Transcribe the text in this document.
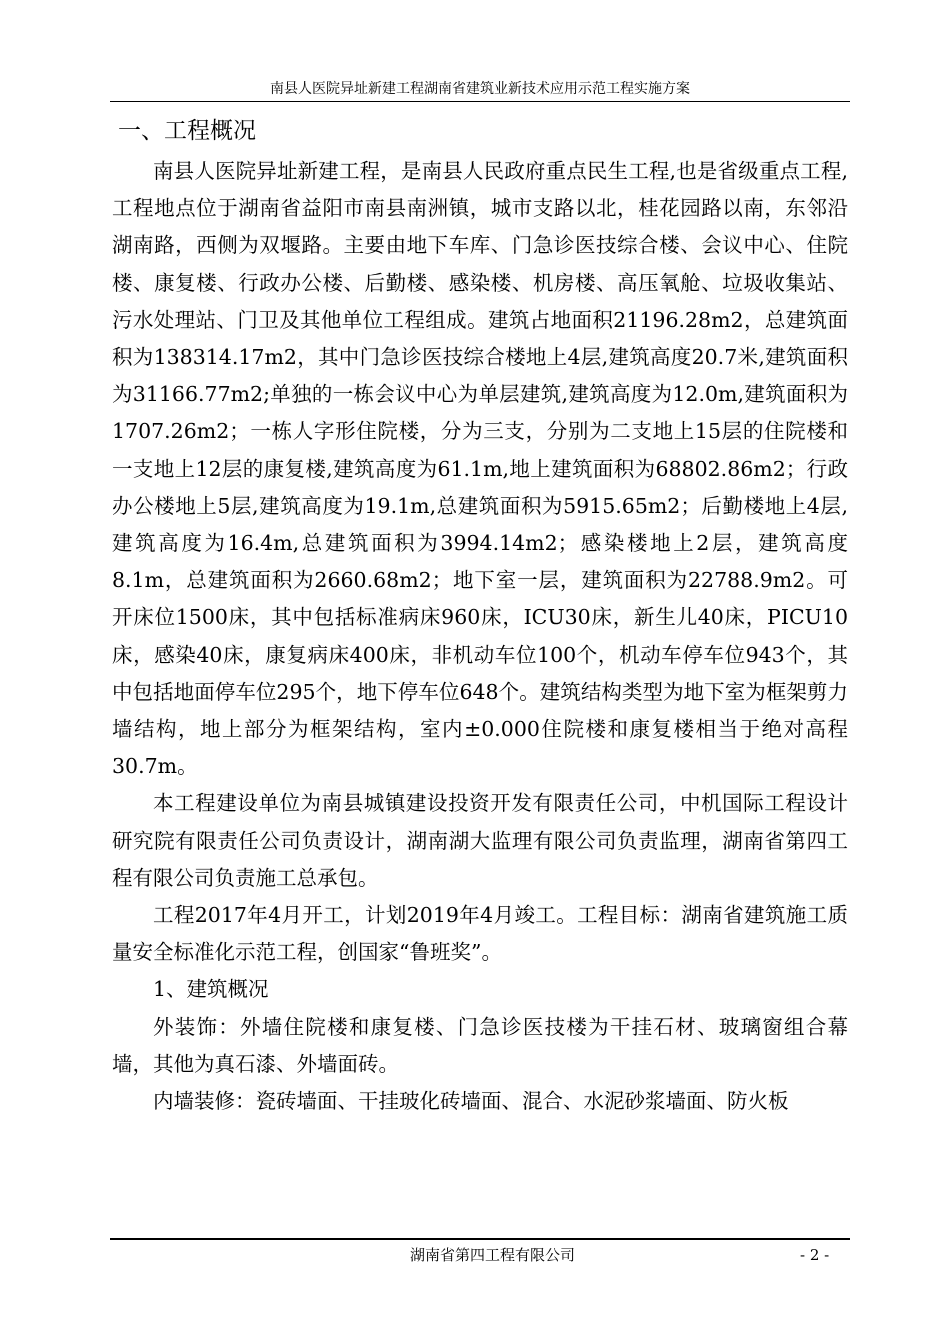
南县人医院异址新建工程湖南省建筑业新技术应用示范工程实施方案
一、工程概况

南县人医院异址新建工程，是南县人民政府重点民生工程,也是省级重点工程,工程地点位于湖南省益阳市南县南洲镇，城市支路以北，桂花园路以南，东邻沿湖南路，西侧为双堰路。主要由地下车库、门急诊医技综合楼、会议中心、住院楼、康复楼、行政办公楼、后勤楼、感染楼、机房楼、高压氧舱、垃圾收集站、污水处理站、门卫及其他单位工程组成。建筑占地面积21196.28m2，总建筑面积为138314.17m2，其中门急诊医技综合楼地上4层,建筑高度20.7米,建筑面积为31166.77m2;单独的一栋会议中心为单层建筑,建筑高度为12.0m,建筑面积为1707.26m2；一栋人字形住院楼，分为三支，分别为二支地上15层的住院楼和一支地上12层的康复楼,建筑高度为61.1m,地上建筑面积为68802.86m2；行政办公楼地上5层,建筑高度为19.1m,总建筑面积为5915.65m2；后勤楼地上4层,建筑高度为16.4m,总建筑面积为3994.14m2；感染楼地上2层，建筑高度8.1m，总建筑面积为2660.68m2；地下室一层，建筑面积为22788.9m2。可开床位1500床，其中包括标准病床960床，ICU30床，新生儿40床，PICU10床，感染40床，康复病床400床，非机动车位100个，机动车停车位943个，其中包括地面停车位295个，地下停车位648个。建筑结构类型为地下室为框架剪力墙结构，地上部分为框架结构，室内±0.000住院楼和康复楼相当于绝对高程30.7m。

本工程建设单位为南县城镇建设投资开发有限责任公司，中机国际工程设计研究院有限责任公司负责设计，湖南湖大监理有限公司负责监理，湖南省第四工程有限公司负责施工总承包。

工程2017年4月开工，计划2019年4月竣工。工程目标：湖南省建筑施工质量安全标准化示范工程，创国家“鲁班奖”。

1、建筑概况

外装饰：外墙住院楼和康复楼、门急诊医技楼为干挂石材、玻璃窗组合幕墙，其他为真石漆、外墙面砖。

内墙装修：瓷砖墙面、干挂玻化砖墙面、混合、水泥砂浆墙面、防火板

湖南省第四工程有限公司	- 2 -
